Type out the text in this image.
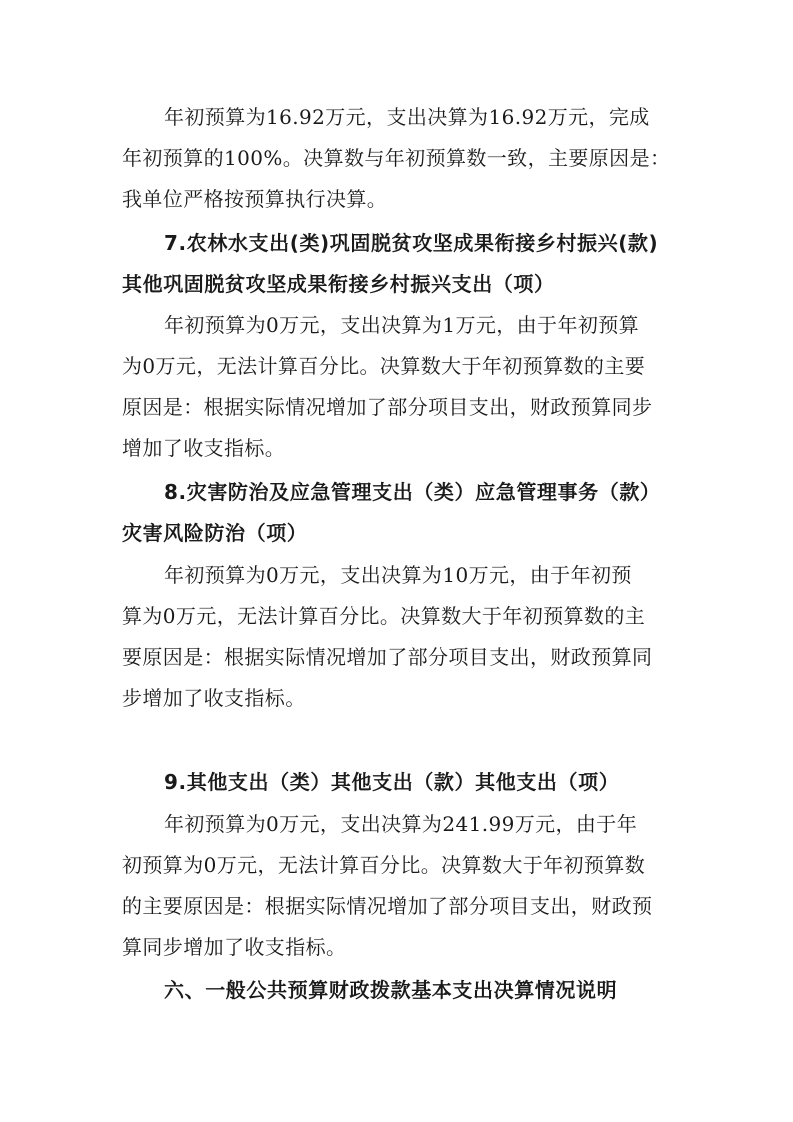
年初预算为16.92万元，支出决算为16.92万元，完成
年初预算的100%。决算数与年初预算数一致，主要原因是：
我单位严格按预算执行决算。
7.农林水支出(类)巩固脱贫攻坚成果衔接乡村振兴(款)
其他巩固脱贫攻坚成果衔接乡村振兴支出（项）
年初预算为0万元，支出决算为1万元，由于年初预算
为0万元，无法计算百分比。决算数大于年初预算数的主要
原因是：根据实际情况增加了部分项目支出，财政预算同步
增加了收支指标。
8.灾害防治及应急管理支出（类）应急管理事务（款）
灾害风险防治（项）
年初预算为0万元，支出决算为10万元，由于年初预
算为0万元，无法计算百分比。决算数大于年初预算数的主
要原因是：根据实际情况增加了部分项目支出，财政预算同
步增加了收支指标。
9.其他支出（类）其他支出（款）其他支出（项）
年初预算为0万元，支出决算为241.99万元，由于年
初预算为0万元，无法计算百分比。决算数大于年初预算数
的主要原因是：根据实际情况增加了部分项目支出，财政预
算同步增加了收支指标。
六、一般公共预算财政拨款基本支出决算情况说明
